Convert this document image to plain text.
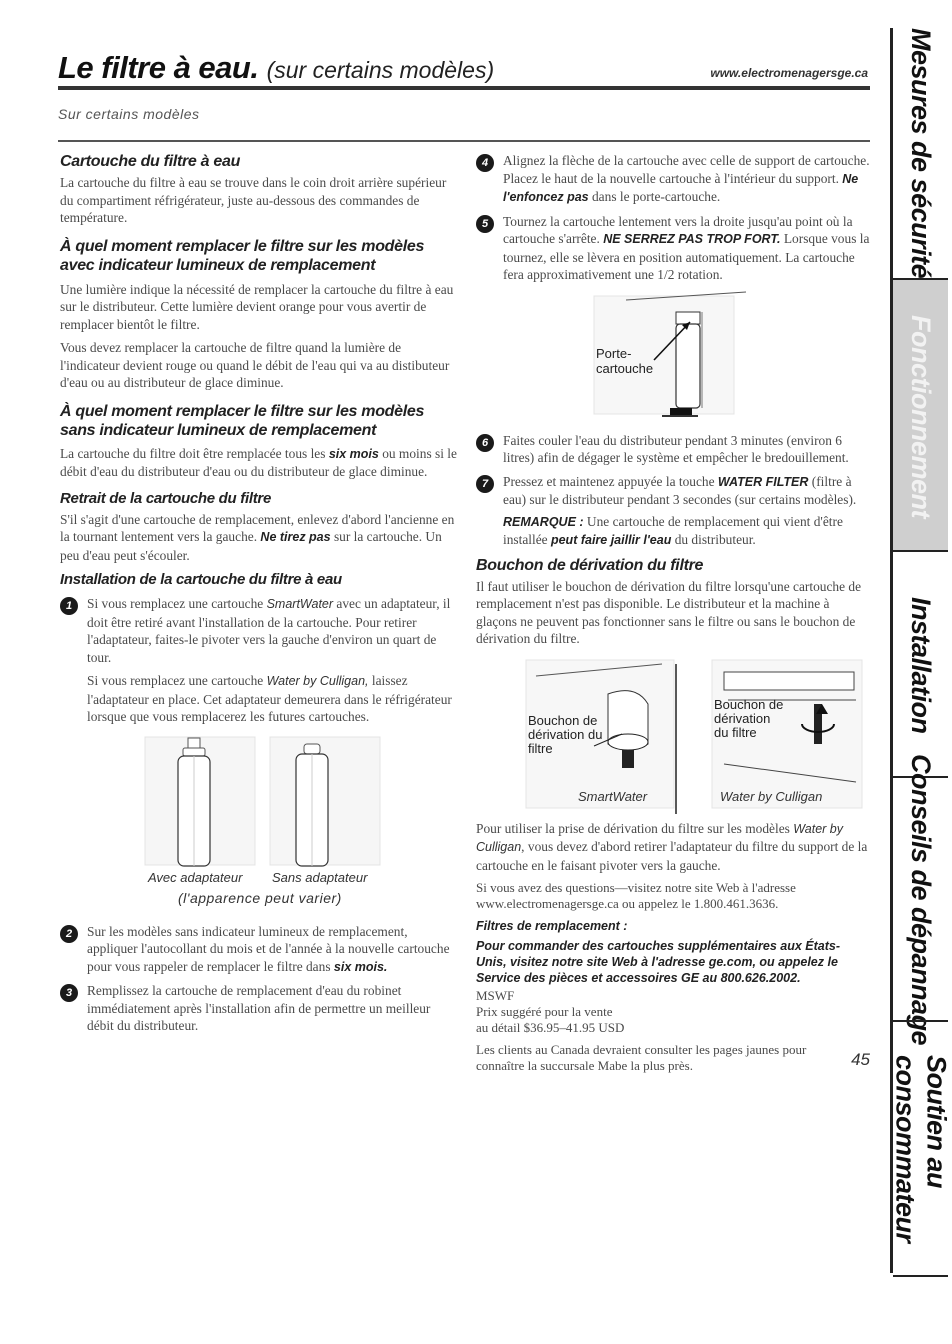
Le filtre à eau. (sur certains modèles)	www.electromenagersge.ca
Sur certains modèles
Cartouche du filtre à eau

La cartouche du filtre à eau se trouve dans le coin droit arrière supérieur du compartiment réfrigérateur, juste au-dessous des commandes de température.

À quel moment remplacer le filtre sur les modèles avec indicateur lumineux de remplacement

Une lumière indique la nécessité de remplacer la cartouche du filtre à eau sur le distributeur. Cette lumière devient orange pour vous avertir de remplacer bientôt le filtre.

Vous devez remplacer la cartouche de filtre quand la lumière de l'indicateur devient rouge ou quand le débit de l'eau qui va au distibuteur d'eau ou au distributeur de glace diminue.

À quel moment remplacer le filtre sur les modèles sans indicateur lumineux de remplacement

La cartouche du filtre doit être remplacée tous les six mois ou moins si le débit d'eau du distributeur d'eau ou du distributeur de glace diminue.

Retrait de la cartouche du filtre

S'il s'agit d'une cartouche de remplacement, enlevez d'abord l'ancienne en la tournant lentement vers la gauche. Ne tirez pas sur la cartouche. Un peu d'eau peut s'écouler.

Installation de la cartouche du filtre à eau
1	Si vous remplacez une cartouche SmartWater avec un adaptateur, il doit être retiré avant l'installation de la cartouche. Pour retirer l'adaptateur, faites-le pivoter vers la gauche d'environ un quart de tour.

Si vous remplacez une cartouche Water by Culligan, laissez l'adaptateur en place. Cet adaptateur demeurera dans le réfrigérateur lorsque que vous remplacerez les futures cartouches.

Avec adaptateur Sans adaptateur
(l'apparence peut varier)
2	Sur les modèles sans indicateur lumineux de remplacement, appliquer l'autocollant du mois et de l'année à la nouvelle cartouche pour vous rappeler de remplacer le filtre dans six mois.

3	Remplissez la cartouche de remplacement d'eau du robinet immédiatement après l'installation afin de permettre un meilleur débit du distributeur.

4	Alignez la flèche de la cartouche avec celle de support de cartouche. Placez le haut de la nouvelle cartouche à l'intérieur du support. Ne l'enfoncez pas dans le porte-cartouche.

5	Tournez la cartouche lentement vers la droite jusqu'au point où la cartouche s'arrête. NE SERREZ PAS TROP FORT. Lorsque vous la tournez, elle se lèvera en position automatiquement. La cartouche fera approximativement une 1/2 rotation.

Porte-cartouche
6	Faites couler l'eau du distributeur pendant 3 minutes (environ 6 litres) afin de dégager le système et empêcher le bredouillement.

7	Pressez et maintenez appuyée la touche WATER FILTER (filtre à eau) sur le distributeur pendant 3 secondes (sur certains modèles).

REMARQUE : Une cartouche de remplacement qui vient d'être installée peut faire jaillir l'eau du distributeur.

Bouchon de dérivation du filtre

Il faut utiliser le bouchon de dérivation du filtre lorsqu'une cartouche de remplacement n'est pas disponible. Le distributeur et la machine à glaçons ne peuvent pas fonctionner sans le filtre ou sans le bouchon de dérivation du filtre.

Bouchon de dérivation du filtre
SmartWater
Bouchon de dérivation du filtre
Water by Culligan

Pour utiliser la prise de dérivation du filtre sur les modèles Water by Culligan, vous devez d'abord retirer l'adaptateur du filtre du support de la cartouche en le faisant pivoter vers la gauche.

Si vous avez des questions—visitez notre site Web à l'adresse www.electromenagersge.ca ou appelez le 1.800.461.3636.

Filtres de remplacement :
Pour commander des cartouches supplémentaires aux États-Unis, visitez notre site Web à l'adresse ge.com, ou appelez le Service des pièces et accessoires GE au 800.626.2002.

MSWF

Prix suggéré pour la vente

au détail $36.95–41.95 USD

Les clients au Canada devraient consulter les pages jaunes pour connaître la succursale Mabe la plus près.	45
Mesures de sécurité
Fonctionnement
Installation
Conseils de dépannage
Soutien au
consommateur
